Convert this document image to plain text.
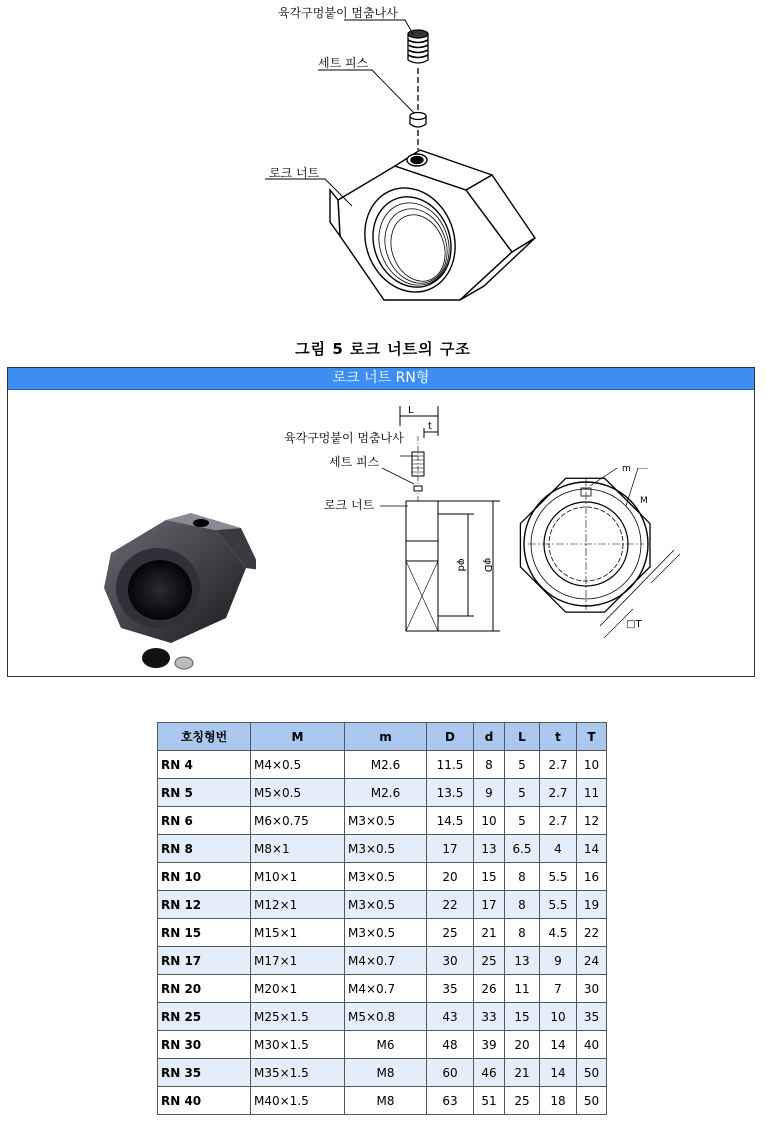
육각구멍붙이 멈춤나사
세트 피스
로크 너트
그림 5 로크 너트의 구조
로크 너트 RN형
L
t
육각구멍붙이 멈춤나사
세트 피스
로크 너트
φd φD
m
M
□T
호칭형번	M	m	D	d	L	t	T
RN 4	M4×0.5	M2.6	11.5	8	5	2.7	10
RN 5	M5×0.5	M2.6	13.5	9	5	2.7	11
RN 6	M6×0.75	M3×0.5	14.5	10	5	2.7	12
RN 8	M8×1	M3×0.5	17	13	6.5	4	14
RN 10	M10×1	M3×0.5	20	15	8	5.5	16
RN 12	M12×1	M3×0.5	22	17	8	5.5	19
RN 15	M15×1	M3×0.5	25	21	8	4.5	22
RN 17	M17×1	M4×0.7	30	25	13	9	24
RN 20	M20×1	M4×0.7	35	26	11	7	30
RN 25	M25×1.5	M5×0.8	43	33	15	10	35
RN 30	M30×1.5	M6	48	39	20	14	40
RN 35	M35×1.5	M8	60	46	21	14	50
RN 40	M40×1.5	M8	63	51	25	18	50
